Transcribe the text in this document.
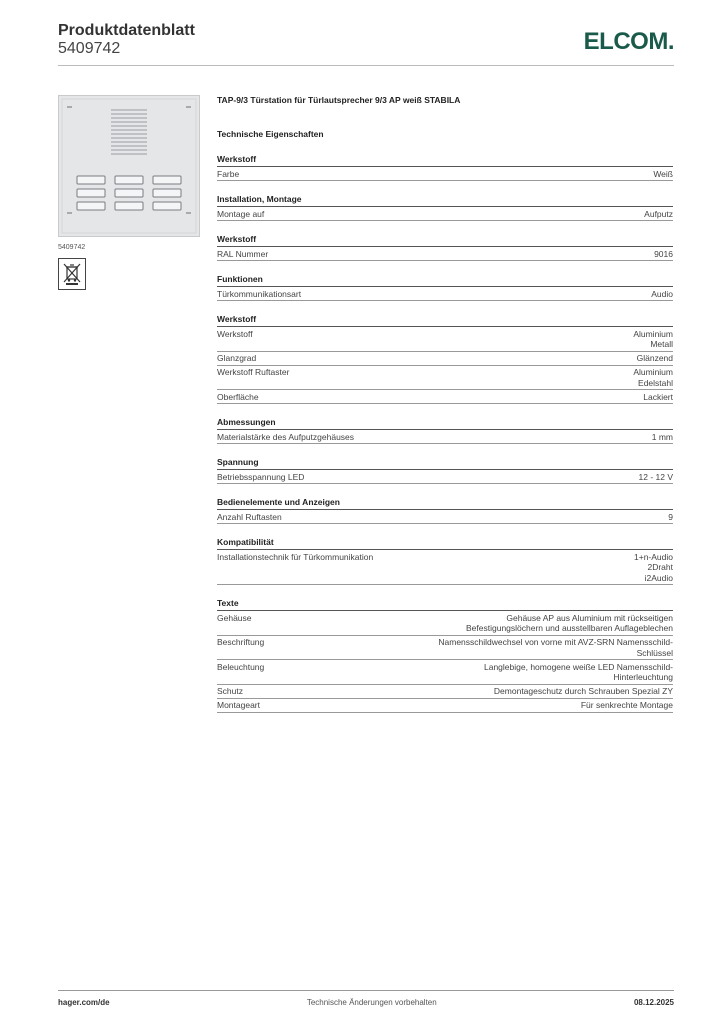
Produktdatenblatt
5409742	ELCOM.
5409742
TAP-9/3 Türstation für Türlautsprecher 9/3 AP weiß STABILA
Technische Eigenschaften
Werkstoff
Farbe	Weiß
Installation, Montage
Montage auf	Aufputz
Werkstoff
RAL Nummer	9016
Funktionen
Türkommunikationsart	Audio
Werkstoff
Werkstoff	Aluminium
Metall
Glanzgrad	Glänzend
Werkstoff Ruftaster	Aluminium
Edelstahl
Oberfläche	Lackiert
Abmessungen
Materialstärke des Aufputzgehäuses	1 mm
Spannung
Betriebsspannung LED	12 - 12 V
Bedienelemente und Anzeigen
Anzahl Ruftasten	9
Kompatibilität
Installationstechnik für Türkommunikation	1+n-Audio
2Draht
i2Audio
Texte
Gehäuse	Gehäuse AP aus Aluminium mit rückseitigen
Befestigungslöchern und ausstellbaren Auflageblechen
Beschriftung	Namensschildwechsel von vorne mit AVZ-SRN Namensschild-
Schlüssel
Beleuchtung	Langlebige, homogene weiße LED Namensschild-
Hinterleuchtung
Schutz	Demontageschutz durch Schrauben Spezial ZY
Montageart	Für senkrechte Montage
hager.com/de	Technische Änderungen vorbehalten	08.12.2025
